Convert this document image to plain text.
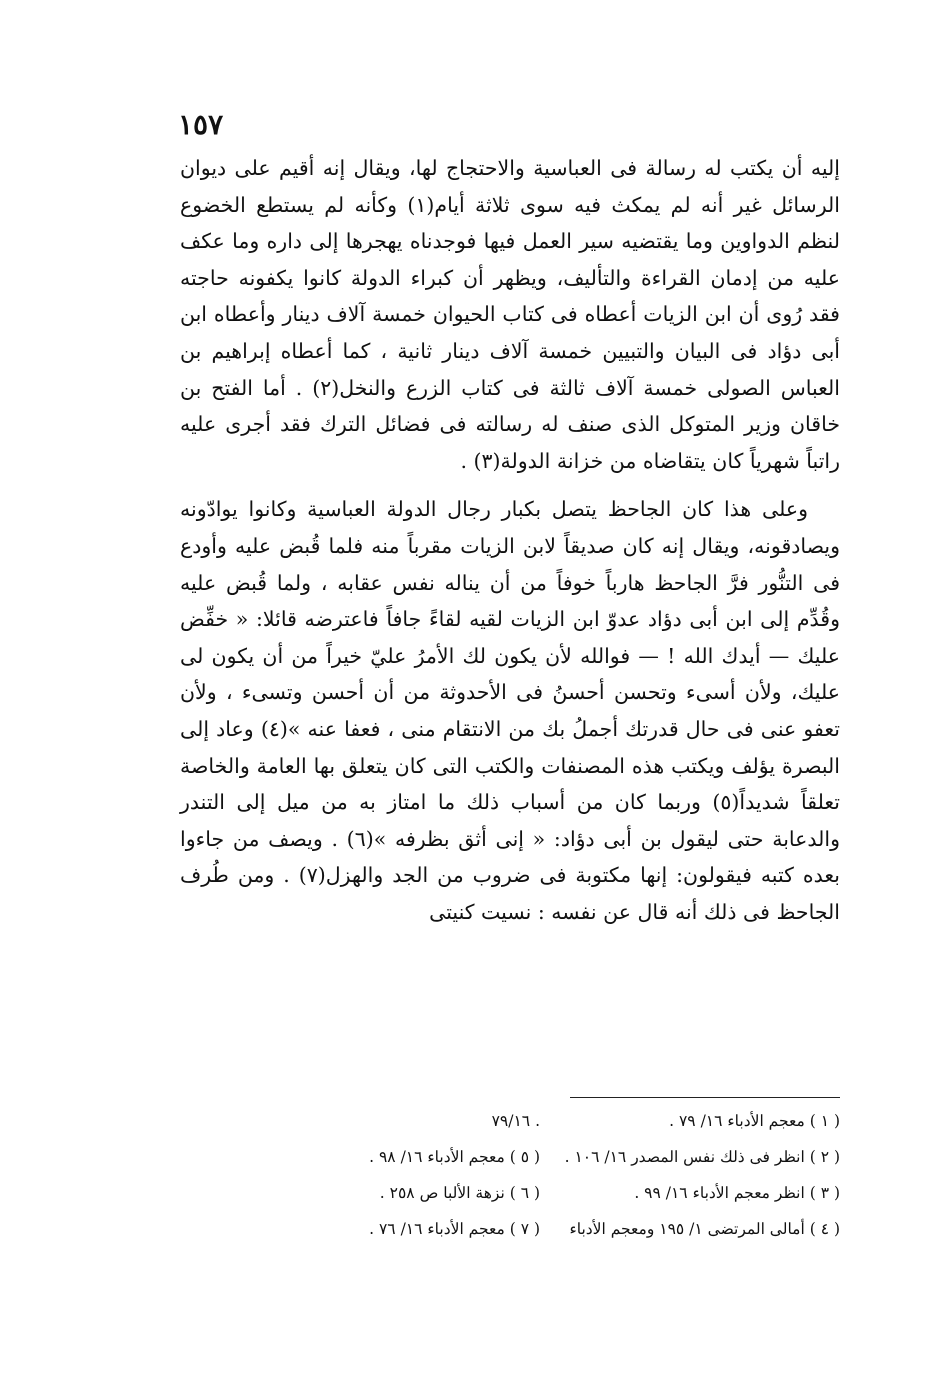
١٥٧

إليه أن يكتب له رسالة فى العباسية والاحتجاج لها، ويقال إنه أقيم على ديوان الرسائل غير أنه لم يمكث فيه سوى ثلاثة أيام(١) وكأنه لم يستطع الخضوع لنظم الدواوين وما يقتضيه سير العمل فيها فوجدناه يهجرها إلى داره وما عكف عليه من إدمان القراءة والتأليف، ويظهر أن كبراء الدولة كانوا يكفونه حاجته فقد رُوى أن ابن الزيات أعطاه فى كتاب الحيوان خمسة آلاف دينار وأعطاه ابن أبى دؤاد فى البيان والتبيين خمسة آلاف دينار ثانية ، كما أعطاه إبراهيم بن العباس الصولى خمسة آلاف ثالثة فى كتاب الزرع والنخل(٢) . أما الفتح بن خاقان وزير المتوكل الذى صنف له رسالته فى فضائل الترك فقد أجرى عليه راتباً شهرياً كان يتقاضاه من خزانة الدولة(٣) .

وعلى هذا كان الجاحظ يتصل بكبار رجال الدولة العباسية وكانوا يوادّونه ويصادقونه، ويقال إنه كان صديقاً لابن الزيات مقرباً منه فلما قُبض عليه وأودع فى التنُّور فرَّ الجاحظ هارباً خوفاً من أن يناله نفس عقابه ، ولما قُبض عليه وقُدِّم إلى ابن أبى دؤاد عدوّ ابن الزيات لقيه لقاءً جافاً فاعترضه قائلا: « خفِّض عليك — أيدك الله ! — فوالله لأن يكون لك الأمرُ عليّ خيراً من أن يكون لى عليك، ولأن أسىء وتحسن أحسنُ فى الأحدوثة من أن أحسن وتسىء ، ولأن تعفو عنى فى حال قدرتك أجملُ بك من الانتقام منى ، فعفا عنه »(٤) وعاد إلى البصرة يؤلف ويكتب هذه المصنفات والكتب التى كان يتعلق بها العامة والخاصة تعلقاً شديداً(٥) وربما كان من أسباب ذلك ما امتاز به من ميل إلى التندر والدعابة حتى ليقول بن أبى دؤاد: « إنى أثق بظرفه »(٦) . ويصف من جاءوا بعده كتبه فيقولون: إنها مكتوبة فى ضروب من الجد والهزل(٧) . ومن طُرف الجاحظ فى ذلك أنه قال عن نفسه : نسيت كنيتى

( ١ ) معجم الأدباء ١٦/ ٧٩ .
. ٧٩/١٦
( ٢ ) انظر فى ذلك نفس المصدر ١٦/ ١٠٦ .
( ٥ ) معجم الأدباء ١٦/ ٩٨ .
( ٣ ) انظر معجم الأدباء ١٦/ ٩٩ .
( ٦ ) نزهة الألبا ص ٢٥٨ .
( ٤ ) أمالى المرتضى ١/ ١٩٥ ومعجم الأدباء
( ٧ ) معجم الأدباء ١٦/ ٧٦ .
